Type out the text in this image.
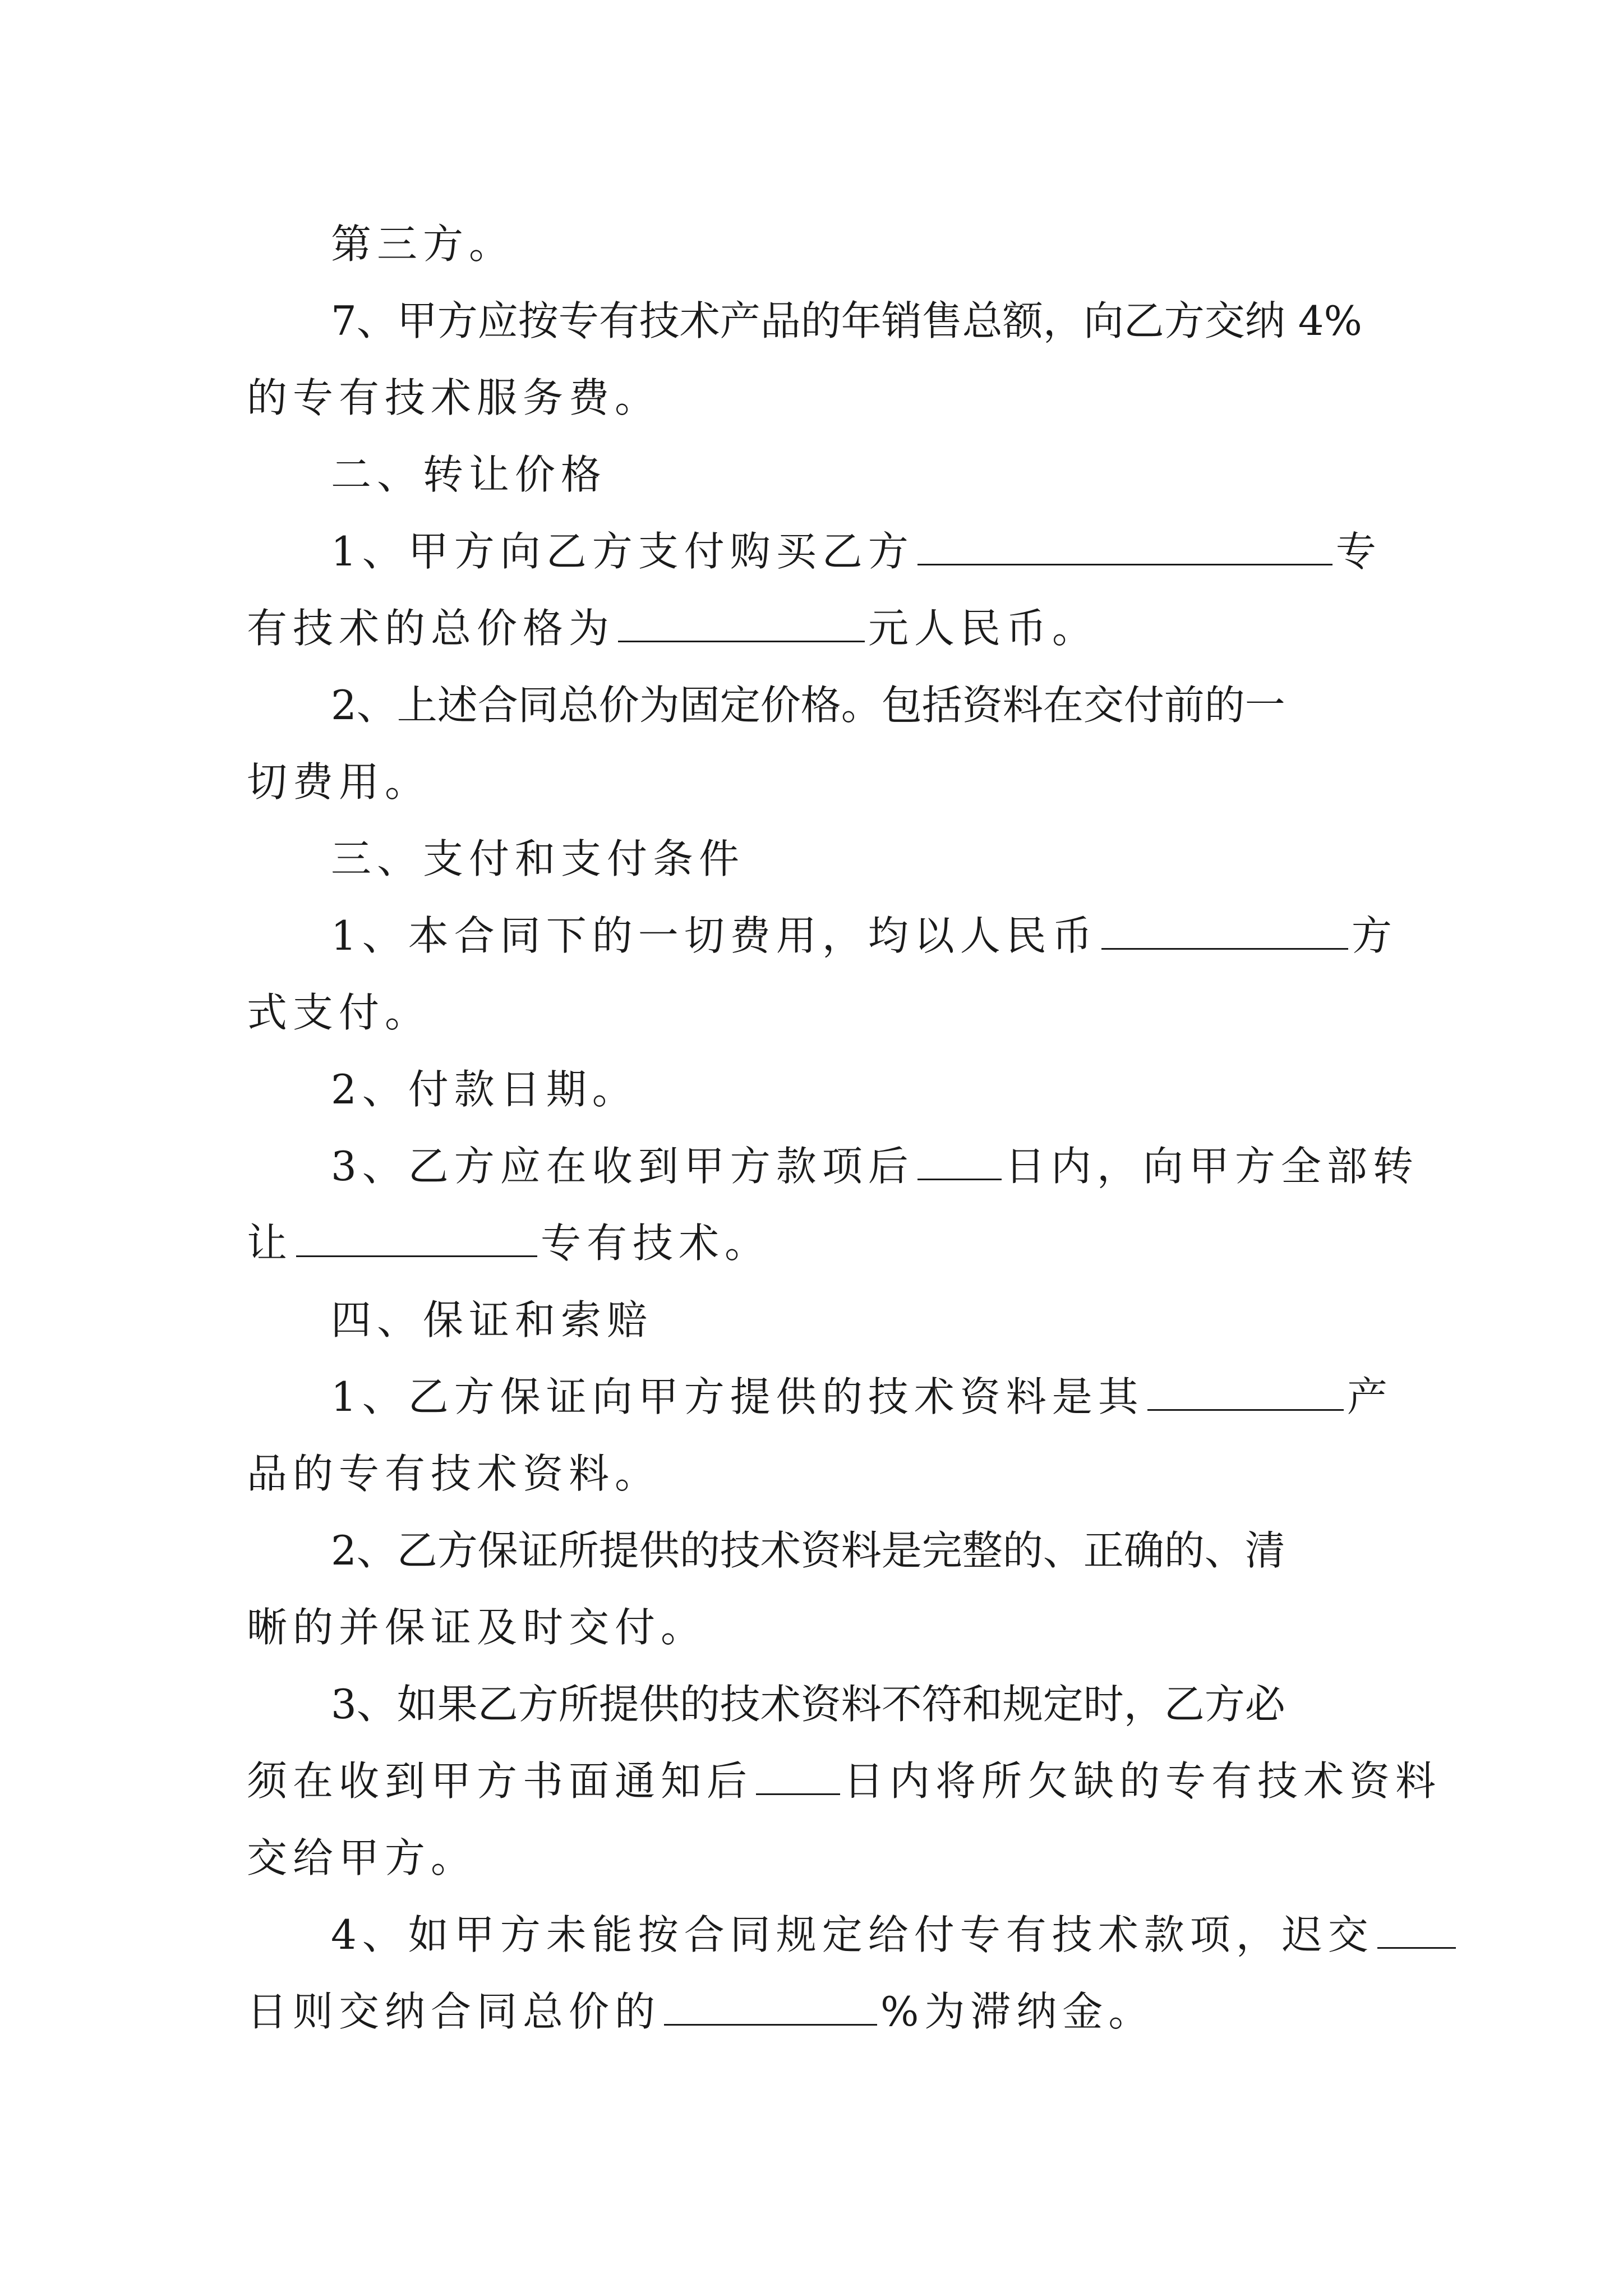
第三方。
7、甲方应按专有技术产品的年销售总额，向乙方交纳 4%
的专有技术服务费。
二、转让价格
1、甲方向乙方支付购买乙方	专
有技术的总价格为	元人民币。
2、上述合同总价为固定价格。包括资料在交付前的一
切费用。
三、支付和支付条件
1、本合同下的一切费用，均以人民币	方
式支付。
2、付款日期。
3、乙方应在收到甲方款项后 日内，向甲方全部转
让	专有技术。
四、保证和索赔
1、乙方保证向甲方提供的技术资料是其	产
品的专有技术资料。
2、乙方保证所提供的技术资料是完整的、正确的、清
晰的并保证及时交付。
3、如果乙方所提供的技术资料不符和规定时，乙方必
须在收到甲方书面通知后 日内将所欠缺的专有技术资料
交给甲方。
4、如甲方未能按合同规定给付专有技术款项，迟交
日则交纳合同总价的	%为滞纳金。
